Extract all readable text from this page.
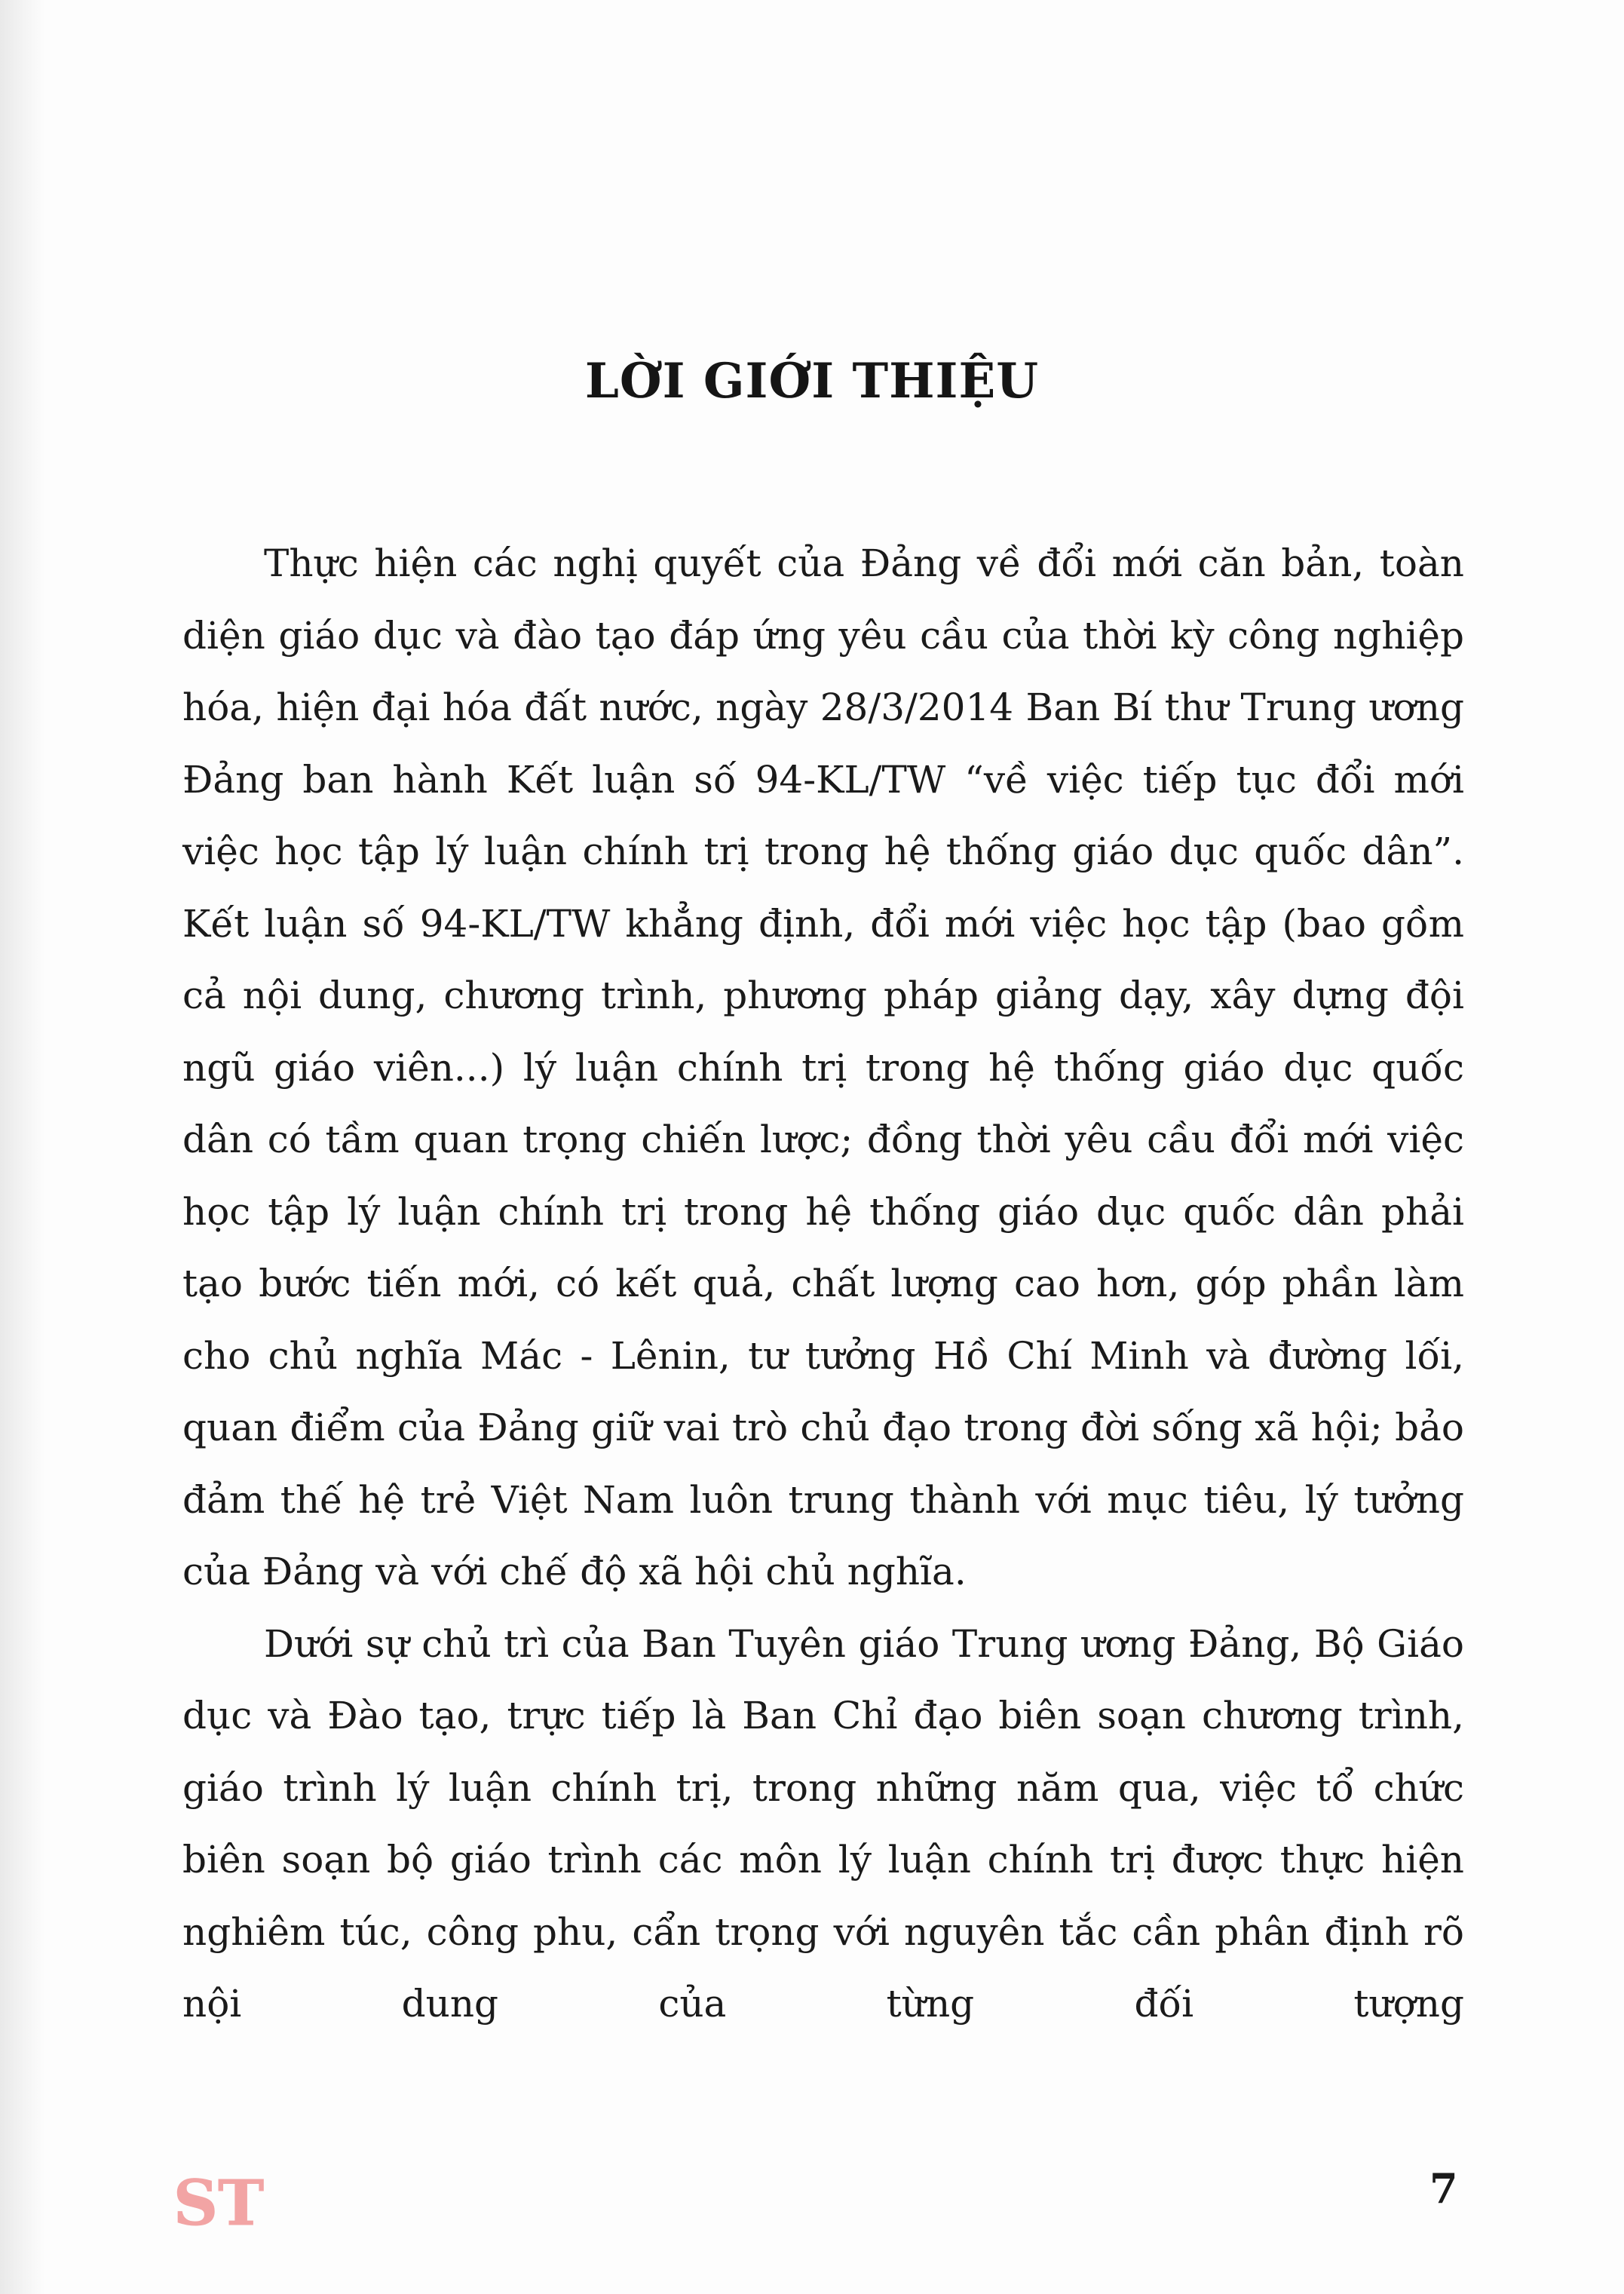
LỜI GIỚI THIỆU

Thực hiện các nghị quyết của Đảng về đổi mới căn bản, toàn diện giáo dục và đào tạo đáp ứng yêu cầu của thời kỳ công nghiệp hóa, hiện đại hóa đất nước, ngày 28/3/2014 Ban Bí thư Trung ương Đảng ban hành Kết luận số 94-KL/TW “về việc tiếp tục đổi mới việc học tập lý luận chính trị trong hệ thống giáo dục quốc dân”. Kết luận số 94-KL/TW khẳng định, đổi mới việc học tập (bao gồm cả nội dung, chương trình, phương pháp giảng dạy, xây dựng đội ngũ giáo viên...) lý luận chính trị trong hệ thống giáo dục quốc dân có tầm quan trọng chiến lược; đồng thời yêu cầu đổi mới việc học tập lý luận chính trị trong hệ thống giáo dục quốc dân phải tạo bước tiến mới, có kết quả, chất lượng cao hơn, góp phần làm cho chủ nghĩa Mác - Lênin, tư tưởng Hồ Chí Minh và đường lối, quan điểm của Đảng giữ vai trò chủ đạo trong đời sống xã hội; bảo đảm thế hệ trẻ Việt Nam luôn trung thành với mục tiêu, lý tưởng của Đảng và với chế độ xã hội chủ nghĩa.

Dưới sự chủ trì của Ban Tuyên giáo Trung ương Đảng, Bộ Giáo dục và Đào tạo, trực tiếp là Ban Chỉ đạo biên soạn chương trình, giáo trình lý luận chính trị, trong những năm qua, việc tổ chức biên soạn bộ giáo trình các môn lý luận chính trị được thực hiện nghiêm túc, công phu, cẩn trọng với nguyên tắc cần phân định rõ nội dung của từng đối tượng

ST	7
